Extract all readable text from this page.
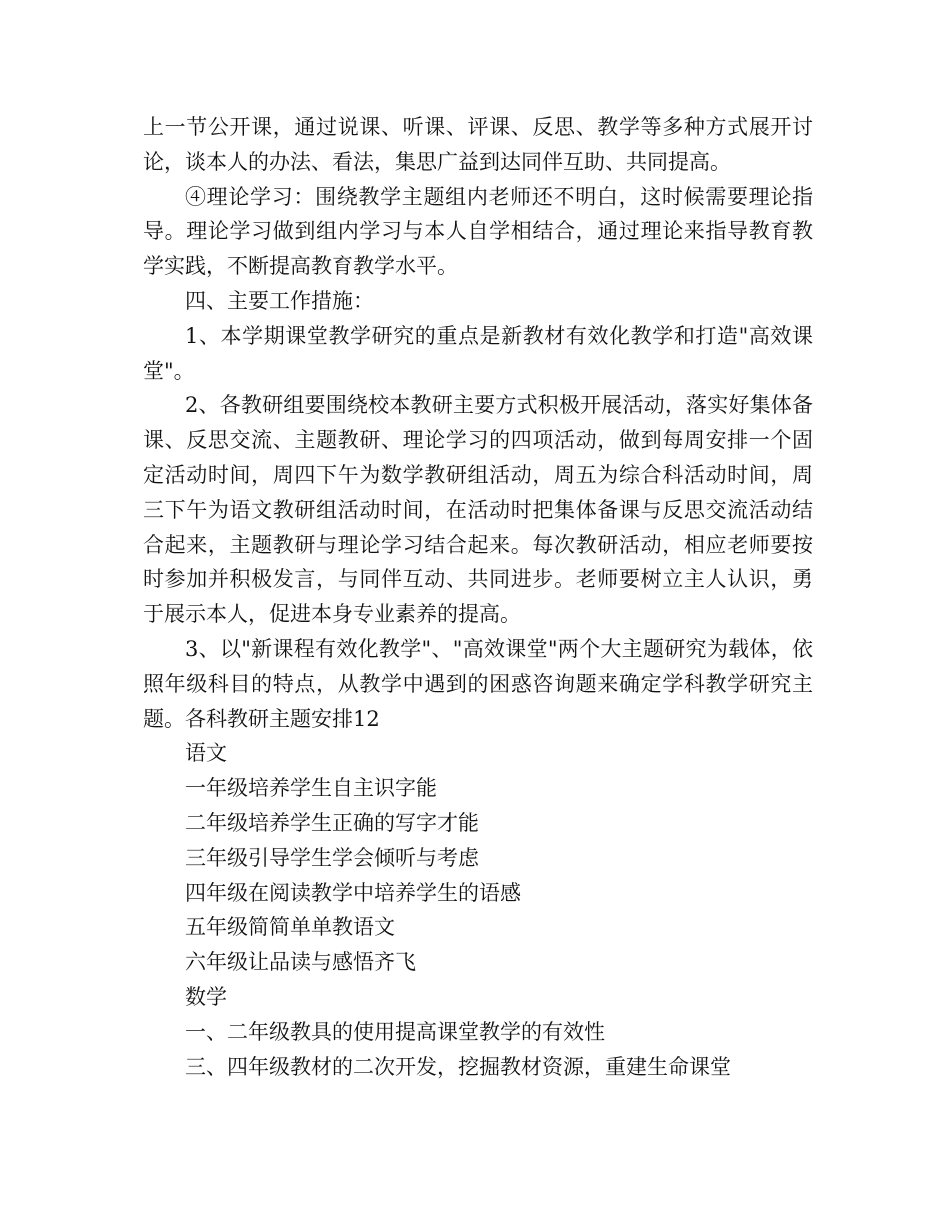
上一节公开课，通过说课、听课、评课、反思、教学等多种方式展开讨论，谈本人的办法、看法，集思广益到达同伴互助、共同提高。

④理论学习：围绕教学主题组内老师还不明白，这时候需要理论指导。理论学习做到组内学习与本人自学相结合，通过理论来指导教育教学实践，不断提高教育教学水平。

四、主要工作措施：

1、本学期课堂教学研究的重点是新教材有效化教学和打造"高效课堂"。

2、各教研组要围绕校本教研主要方式积极开展活动，落实好集体备课、反思交流、主题教研、理论学习的四项活动，做到每周安排一个固定活动时间，周四下午为数学教研组活动，周五为综合科活动时间，周三下午为语文教研组活动时间，在活动时把集体备课与反思交流活动结合起来，主题教研与理论学习结合起来。每次教研活动，相应老师要按时参加并积极发言，与同伴互动、共同进步。老师要树立主人认识，勇于展示本人，促进本身专业素养的提高。

3、以"新课程有效化教学"、"高效课堂"两个大主题研究为载体，依照年级科目的特点，从教学中遇到的困惑咨询题来确定学科教学研究主题。各科教研主题安排12

语文

一年级培养学生自主识字能

二年级培养学生正确的写字才能

三年级引导学生学会倾听与考虑

四年级在阅读教学中培养学生的语感

五年级简简单单教语文

六年级让品读与感悟齐飞

数学

一、二年级教具的使用提高课堂教学的有效性

三、四年级教材的二次开发，挖掘教材资源，重建生命课堂
